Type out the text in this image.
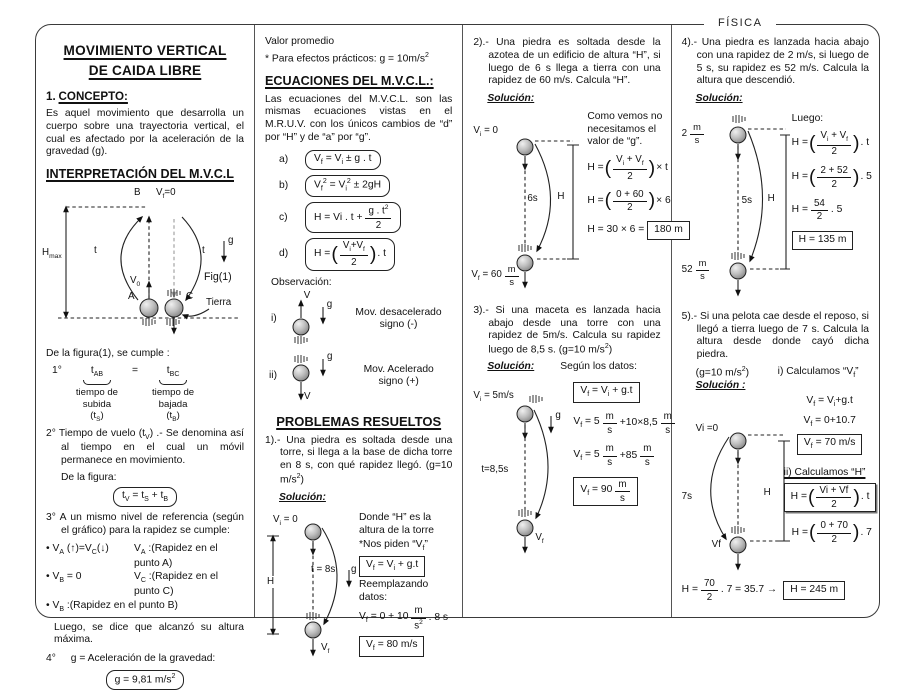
FÍSICA
MOVIMIENTO VERTICAL
DE CAIDA LIBRE
1. CONCEPTO:

Es aquel movimiento que desarrolla un cuerpo sobre una trayectoria vertical, el cual es afectado por la aceleración de la gravedad (g).

INTERPRETACIÓN DEL M.V.C.L
B $V_f=0$
$H_{max}$
t	t
$V_0$
A	C
g
Fig(1)
Tierra

De la figura(1), se cumple :

1°	$t_{AB}$
tiempo de
subida
$(t_S)$
=	$t_{BC}$
tiempo de
bajada
$(t_B)$
2° Tiempo de vuelo $(t_V)$ .- Se denomina así al tiempo en el cual un móvil permanece en movimiento.
De la figura:
$t_V = t_S + t_B$
3° A un mismo nivel de referencia (según el gráfico) para la rapidez se cumple:
• $V_A$ $(↑)=V_C(↓)$	$V_A$ :(Rapidez en el punto A)
• $V_B = 0$	$V_C$ :(Rapidez en el punto C)
• $V_B$ :(Rapidez en el punto B)

Luego, se dice que alcanzó su altura máxima.

4° g = Aceleración de la gravedad:
g = 9,81 $m/s^2$

Valor promedio

* Para efectos prácticos: $g = 10m/s^2$

ECUACIONES DEL M.V.C.L.:

Las ecuaciones del M.V.C.L. son las mismas ecuaciones vistas en el M.R.U.V. con los únicos cambios de “d” por “H” y de “a” por “g”.

a)	$V_f = V_i \pm g$ . t
b)	$V_f^2 = V_i^2 \pm 2gH$
c)	H = Vi . $t + \frac{g . t^2}{2}$
d)	H = ( $\frac{V_i+V_f}{2}$ ) . t
Observación:
i)
V
g
Mov. desacelerado
signo (-)
ii)
V
g
Mov. Acelerado
signo (+)
PROBLEMAS RESUELTOS
1).- Una piedra es soltada desde una torre, si llega a la base de dicha torre en 8 s, con qué rapidez llegó. (g=10 $m/s^2$)
Solución:
$V_i = 0$
H
t = 8s g
$V_f$

Donde “H” es la altura de la torre

*Nos piden “$V_f$”

$V_f = V_i + g.t$

Reemplazando datos:

$V_f = 0 + 10 \frac{m}{s^2}$ . 8 s
$V_f = 80$ m/s
2).- Una piedra es soltada desde la azotea de un edificio de altura “H”, si luego de 6 s llega a tierra con una rapidez de 60 m/s. Calcula “H”.
Solución:
$V_i = 0$
6s H
$V_f = 60 \frac{m}{s}$

Como vemos no necesitamos el valor de “g”.

H = ( $\frac{V_i + V_f}{2}$ ) × t
H = ( $\frac{0 + 60}{2}$ ) × 6
H = 30 × 6 = 180 m
3).- Si una maceta es lanzada hacia abajo desde una torre con una rapidez de 5m/s. Calcula su rapidez luego de 8,5 s. (g=10 $m/s^2$)
Solución:	Según los datos:
$V_i = 5m/s$
g
t=8,5s
$V_f$
$V_f = V_i + g.t$
$V_f = 5 \frac{m}{s} +10\times 8,5 \frac{m}{s}$
$V_f = 5 \frac{m}{s} +85 \frac{m}{s}$
$V_f = 90 \frac{m}{s}$
4).- Una piedra es lanzada hacia abajo con una rapidez de 2 m/s, si luego de 5 s, su rapidez es 52 m/s. Calcula la altura que descendió.
Solución:
$2 \frac{m}{s}$
5s H
$52 \frac{m}{s}$

Luego:

H = ( $\frac{V_i + V_f}{2}$ ) . t
H = ( $\frac{2 + 52}{2}$ ) . 5
$H = \frac{54}{2}$ . 5
H = 135 m
5).- Si una pelota cae desde el reposo, si llegó a tierra luego de 7 s. Calcula la altura desde donde cayó dicha piedra.
(g=10 $m/s^2$)
Solución :
i) Calculamos “$V_f$”
Vi =0
7s	H
Vf
$V_f = V_i+g.t$
$V_f = 0+10.7$
$V_f = 70$ m/s
ii) Calculamos “H”
H = ( $\frac{Vi + Vf}{2}$ ) . t
H = ( $\frac{0 + 70}{2}$ ) . 7
$H = \frac{70}{2}$ . 7 = 35.7 →	H = 245 m
